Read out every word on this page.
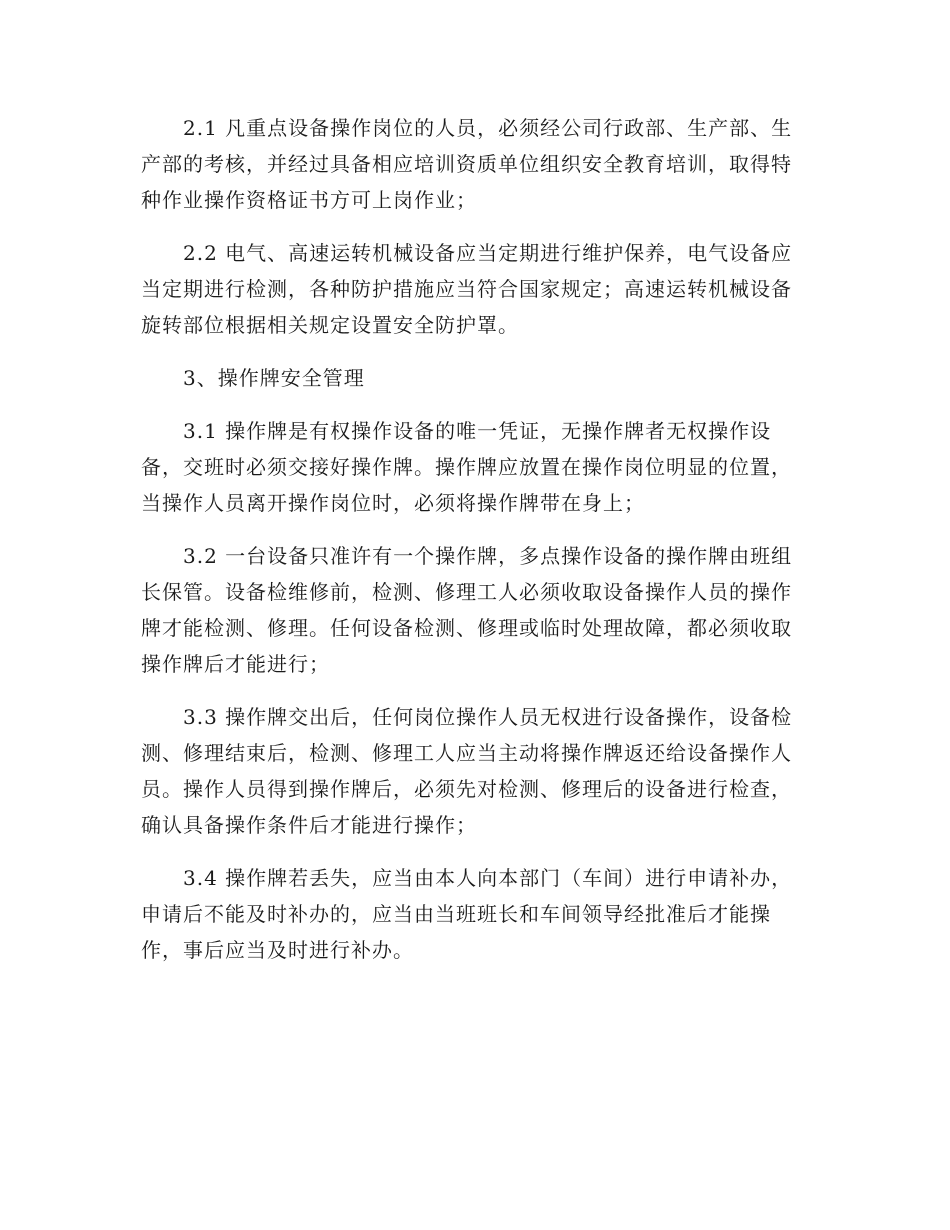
2.1 凡重点设备操作岗位的人员，必须经公司行政部、生产部、生产部的考核，并经过具备相应培训资质单位组织安全教育培训，取得特种作业操作资格证书方可上岗作业；

2.2 电气、高速运转机械设备应当定期进行维护保养，电气设备应当定期进行检测，各种防护措施应当符合国家规定；高速运转机械设备旋转部位根据相关规定设置安全防护罩。

3、操作牌安全管理

3.1 操作牌是有权操作设备的唯一凭证，无操作牌者无权操作设备，交班时必须交接好操作牌。操作牌应放置在操作岗位明显的位置，当操作人员离开操作岗位时，必须将操作牌带在身上；

3.2 一台设备只准许有一个操作牌，多点操作设备的操作牌由班组长保管。设备检维修前，检测、修理工人必须收取设备操作人员的操作牌才能检测、修理。任何设备检测、修理或临时处理故障，都必须收取操作牌后才能进行；

3.3 操作牌交出后，任何岗位操作人员无权进行设备操作，设备检测、修理结束后，检测、修理工人应当主动将操作牌返还给设备操作人员。操作人员得到操作牌后，必须先对检测、修理后的设备进行检查，确认具备操作条件后才能进行操作；

3.4 操作牌若丢失，应当由本人向本部门（车间）进行申请补办，申请后不能及时补办的，应当由当班班长和车间领导经批准后才能操作，事后应当及时进行补办。
